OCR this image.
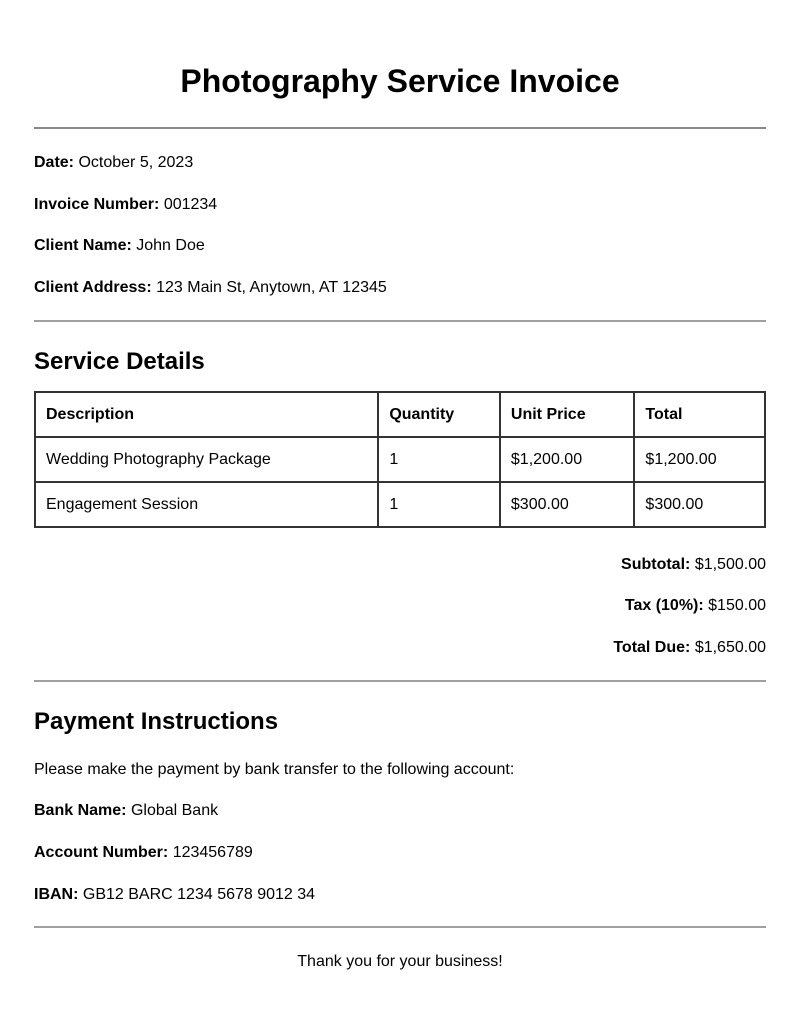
Photography Service Invoice

Date: October 5, 2023

Invoice Number: 001234

Client Name: John Doe

Client Address: 123 Main St, Anytown, AT 12345

Service Details
Description	Quantity	Unit Price	Total
Wedding Photography Package	1	$1,200.00	$1,200.00
Engagement Session	1	$300.00	$300.00

Subtotal: $1,500.00

Tax (10%): $150.00

Total Due: $1,650.00

Payment Instructions

Please make the payment by bank transfer to the following account:

Bank Name: Global Bank

Account Number: 123456789

IBAN: GB12 BARC 1234 5678 9012 34

Thank you for your business!
